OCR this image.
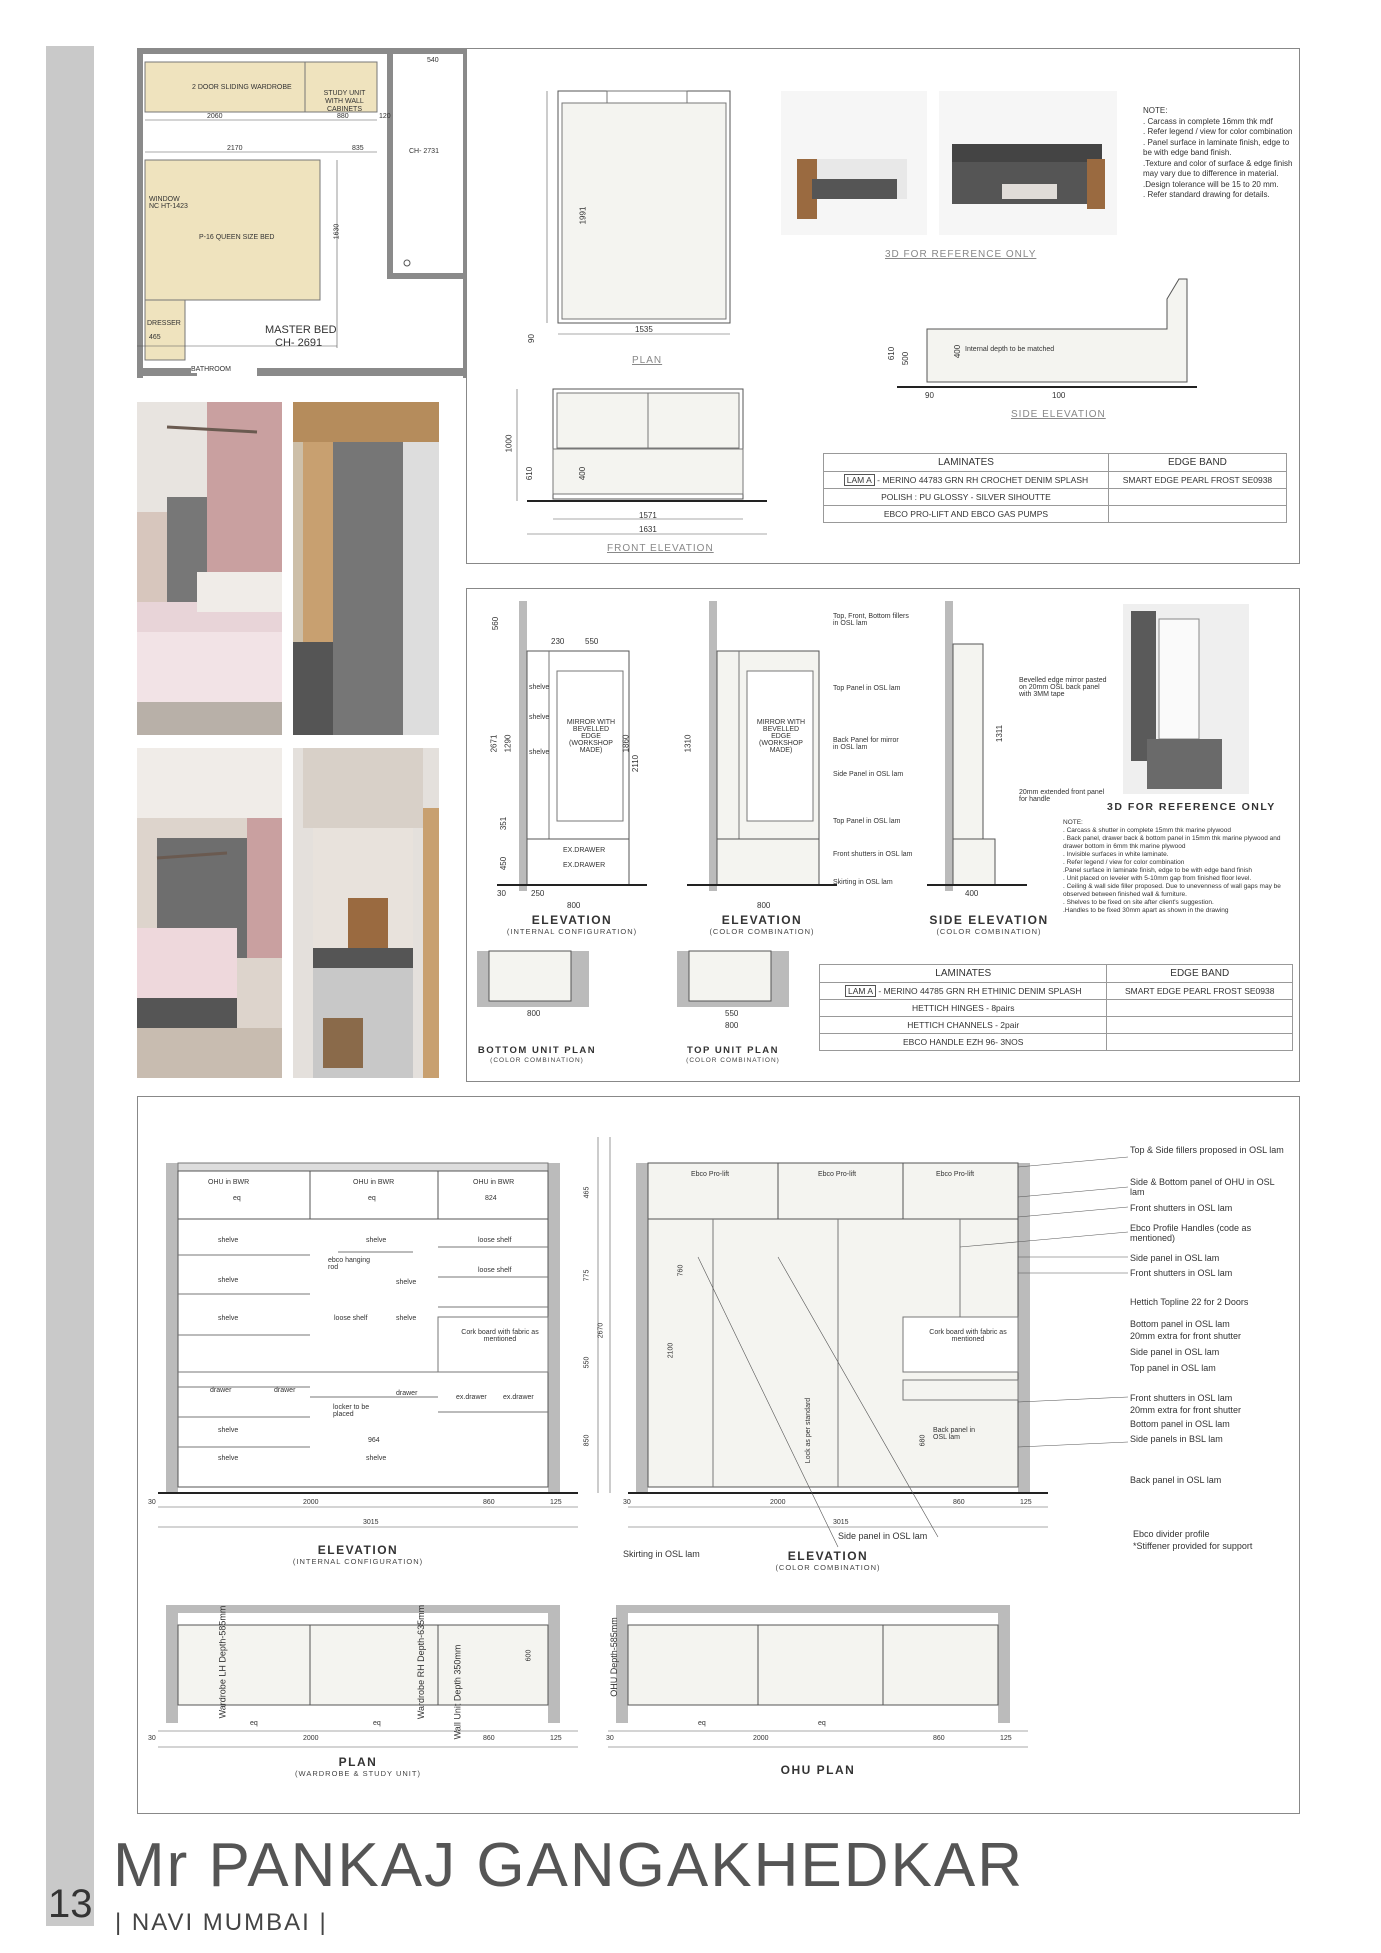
13
Mr PANKAJ GANGAKHEDKAR
| NAVI MUMBAI |
2 DOOR SLIDING WARDROBE
STUDY UNIT WITH WALL CABINETS
P-16 QUEEN SIZE BED
WINDOW NC HT-1423
DRESSER
MASTER BED
CH- 2691
CH- 2731
BATHROOM
2060	880	120
2170	835
1630
540
465
1991
1535
90
PLAN
1000
610	400
1571
1631
FRONT ELEVATION
610 500
400 Internal depth to be matched
90	100
SIDE ELEVATION
3D FOR REFERENCE ONLY
NOTE:
. Carcass in complete 16mm thk mdf
. Refer legend / view for color combination
. Panel surface in laminate finish, edge to be with edge band finish.
.Texture and color of surface & edge finish may vary due to difference in material.
.Design tolerance will be 15 to 20 mm.
. Refer standard drawing for details.
LAMINATES	EDGE BAND
LAM A - MERINO 44783 GRN RH CROCHET DENIM SPLASH	SMART EDGE PEARL FROST SE0938
POLISH : PU GLOSSY - SILVER SIHOUTTE	
EBCO PRO-LIFT AND EBCO GAS PUMPS	
MIRROR WITH BEVELLED EDGE (WORKSHOP MADE)
MIRROR WITH BEVELLED EDGE (WORKSHOP MADE)
EX.DRAWER
EX.DRAWER
shelve
shelve
shelve
230	550
560
2671 1290	1860
2110
351
450
250
800
30
1310
800
1311
400
Top, Front, Bottom fillers in OSL lam
Top Panel in OSL lam
Back Panel for mirror in OSL lam
Side Panel in OSL lam
Top Panel in OSL lam
Front shutters in OSL lam
Skirting in OSL lam
Bevelled edge mirror pasted on 20mm OSL back panel with 3MM tape
20mm extended front panel for handle
ELEVATION
(INTERNAL CONFIGURATION)
ELEVATION
(COLOR COMBINATION)
SIDE ELEVATION
(COLOR COMBINATION)
3D FOR REFERENCE ONLY
NOTE:
. Carcass & shutter in complete 15mm thk marine plywood
. Back panel, drawer back & bottom panel in 15mm thk marine plywood and drawer bottom in 6mm thk marine plywood
. Invisible surfaces in white laminate.
. Refer legend / view for color combination
.Panel surface in laminate finish, edge to be with edge band finish
. Unit placed on leveler with 5-10mm gap from finished floor level.
. Ceiling & wall side filler proposed. Due to unevenness of wall gaps may be observed between finished wall & furniture.
. Shelves to be fixed on site after client's suggestion.
.Handles to be fixed 30mm apart as shown in the drawing
800	550
800
BOTTOM UNIT PLAN
(COLOR COMBINATION)
TOP UNIT PLAN
(COLOR COMBINATION)
LAMINATES	EDGE BAND
LAM A - MERINO 44785 GRN RH ETHINIC DENIM SPLASH	SMART EDGE PEARL FROST SE0938
HETTICH HINGES - 8pairs	
HETTICH CHANNELS - 2pair	
EBCO HANDLE EZH 96- 3NOS	
OHU in BWR	OHU in BWR	OHU in BWR
eq	eq	824
shelve
shelve
shelve
shelve
shelve
shelve
shelve
shelve
shelve
loose shelf
loose shelf
loose shelf
ebco hanging rod
locker to be placed
Cork board with fabric as mentioned
drawer	drawer	drawer
ex.drawer ex.drawer
964
30	2000	860	125
3015
465
775
550
2670
850
ELEVATION
(INTERNAL CONFIGURATION)
Ebco Pro-lift	Ebco Pro-lift	Ebco Pro-lift
Cork board with fabric as mentioned
Back panel in OSL lam
Lock as per standard
30	2000	860	125
3015
2100
760
680
Top & Side fillers proposed in OSL lam
Side & Bottom panel of OHU in OSL lam
Front shutters in OSL lam
Ebco Profile Handles (code as mentioned)
Side panel in OSL lam
Front shutters in OSL lam
Hettich Topline 22 for 2 Doors
Bottom panel in OSL lam
20mm extra for front shutter
Side panel in OSL lam
Top panel in OSL lam
Front shutters in OSL lam
20mm extra for front shutter
Bottom panel in OSL lam
Side panels in BSL lam
Back panel in OSL lam
Side panel in OSL lam
Skirting in OSL lam
Ebco divider profile
*Stiffener provided for support
ELEVATION
(COLOR COMBINATION)
Wardrobe LH Depth-585mm	Wardrobe RH Depth-635mm	Wall Unit Depth 350mm	OHU Depth-585mm
600
eq	eq
30	2000	860	125
PLAN
(WARDROBE & STUDY UNIT)
eq	eq
30	2000	860	125
OHU PLAN
